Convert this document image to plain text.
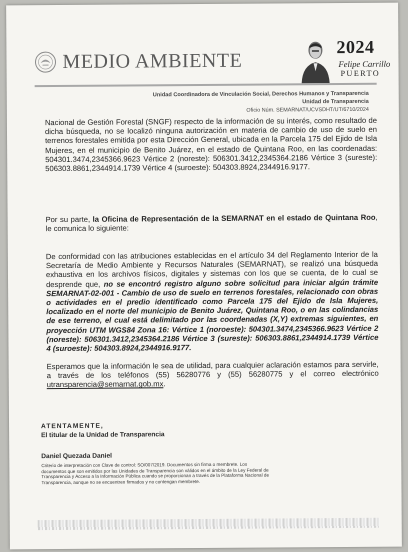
MEDIO AMBIENTE
2024
Felipe Carrillo
PUERTO
Unidad Coordinadora de Vinculación Social, Derechos Humanos y Transparencia
Unidad de Transparencia
Oficio Núm. SEMARNAT/UCVSDHT/UT/6710/2024
Nacional de Gestión Forestal (SNGF) respecto de la información de su interés, como resultado de dicha búsqueda, no se localizó ninguna autorización en materia de cambio de uso de suelo en terrenos forestales emitida por esta Dirección General, ubicada en la Parcela 175 del Ejido de Isla Mujeres, en el municipio de Benito Juárez, en el estado de Quintana Roo, en las coordenadas: 504301.3474,2345366.9623 Vértice 2 (noreste): 506301.3412,2345364.2186 Vértice 3 (sureste): 506303.8861,2344914.1739 Vértice 4 (suroeste): 504303.8924,2344916.9177.
Por su parte, la Oficina de Representación de la SEMARNAT en el estado de Quintana Roo, le comunica lo siguiente:
De conformidad con las atribuciones establecidas en el artículo 34 del Reglamento Interior de la Secretaría de Medio Ambiente y Recursos Naturales (SEMARNAT), se realizó una búsqueda exhaustiva en los archivos físicos, digitales y sistemas con los que se cuenta, de lo cual se desprende que, no se encontró registro alguno sobre solicitud para iniciar algún trámite SEMARNAT-02-001 - Cambio de uso de suelo en terrenos forestales, relacionado con obras o actividades en el predio identificado como Parcela 175 del Ejido de Isla Mujeres, localizado en el norte del municipio de Benito Juárez, Quintana Roo, o en las colindancias de ese terreno, el cual está delimitado por las coordenadas (X,Y) extremas siguientes, en proyección UTM WGS84 Zona 16: Vértice 1 (noroeste): 504301.3474,2345366.9623 Vértice 2 (noreste): 506301.3412,2345364.2186 Vértice 3 (sureste): 506303.8861,2344914.1739 Vértice 4 (suroeste): 504303.8924,2344916.9177.
Esperamos que la información le sea de utilidad, para cualquier aclaración estamos para servirle, a través de los teléfonos (55) 56280776 y (55) 56280775 y el correo electrónico utransparencia@semarnat.gob.mx.
ATENTAMENTE,
El titular de la Unidad de Transparencia
Daniel Quezada Daniel
Criterio de interpretación con Clave de control: SO/007/2019. Documentos sin firma o membrete. Los documentos que son emitidos por las Unidades de Transparencia son válidos en el ámbito de la Ley Federal de Transparencia y Acceso a la Información Pública cuando se proporcionan a través de la Plataforma Nacional de Transparencia, aunque no se encuentren firmados y no contengan membrete.
